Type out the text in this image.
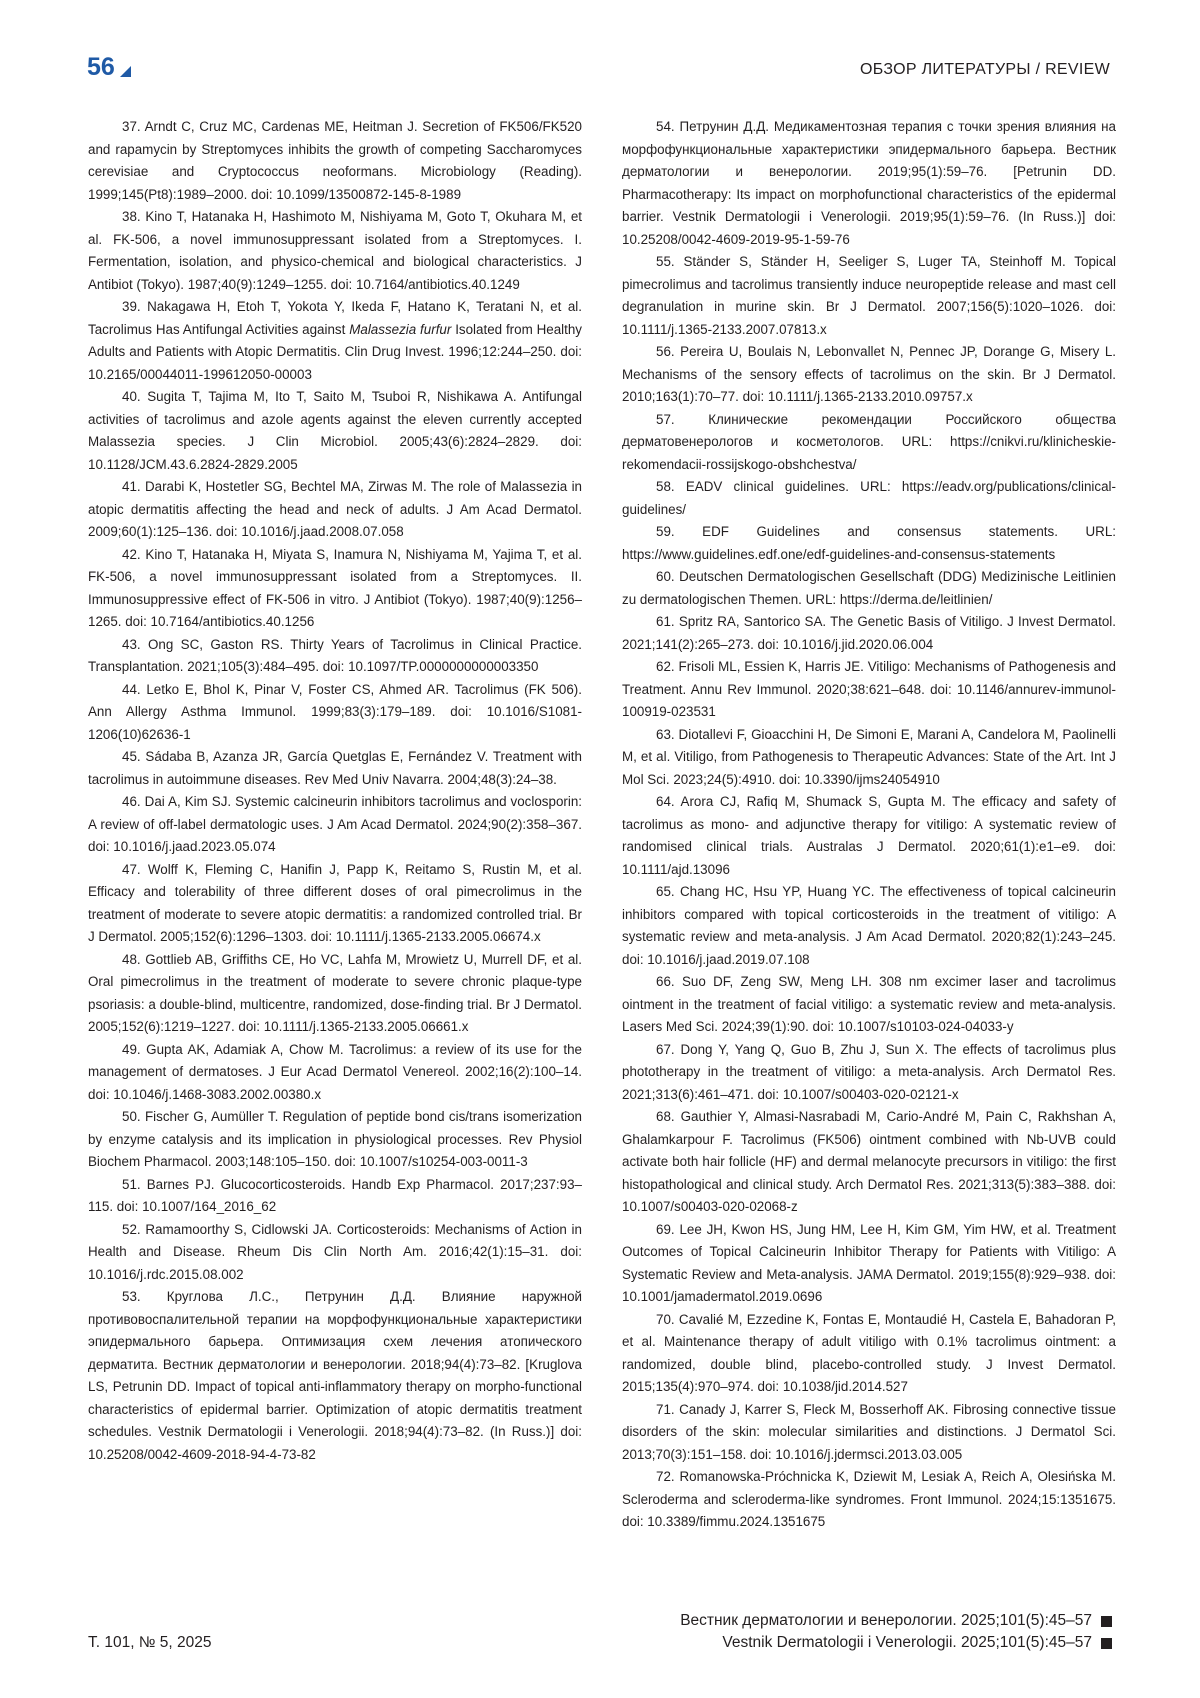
56	ОБЗОР ЛИТЕРАТУРЫ / REVIEW

37. Arndt C, Cruz MC, Cardenas ME, Heitman J. Secretion of FK506/FK520 and rapamycin by Streptomyces inhibits the growth of competing Saccharomyces cerevisiae and Cryptococcus neoformans. Microbiology (Reading). 1999;145(Pt8):1989–2000. doi: 10.1099/13500872-145-8-1989

38. Kino T, Hatanaka H, Hashimoto M, Nishiyama M, Goto T, Okuhara M, et al. FK-506, a novel immunosuppressant isolated from a Streptomyces. I. Fermentation, isolation, and physico-chemical and biological characteristics. J Antibiot (Tokyo). 1987;40(9):1249–1255. doi: 10.7164/antibiotics.40.1249

39. Nakagawa H, Etoh T, Yokota Y, Ikeda F, Hatano K, Teratani N, et al. Tacrolimus Has Antifungal Activities against Malassezia furfur Isolated from Healthy Adults and Patients with Atopic Dermatitis. Clin Drug Invest. 1996;12:244–250. doi: 10.2165/00044011-199612050-00003

40. Sugita T, Tajima M, Ito T, Saito M, Tsuboi R, Nishikawa A. Antifungal activities of tacrolimus and azole agents against the eleven currently accepted Malassezia species. J Clin Microbiol. 2005;43(6):2824–2829. doi: 10.1128/JCM.43.6.2824-2829.2005

41. Darabi K, Hostetler SG, Bechtel MA, Zirwas M. The role of Malassezia in atopic dermatitis affecting the head and neck of adults. J Am Acad Dermatol. 2009;60(1):125–136. doi: 10.1016/j.jaad.2008.07.058

42. Kino T, Hatanaka H, Miyata S, Inamura N, Nishiyama M, Yajima T, et al. FK-506, a novel immunosuppressant isolated from a Streptomyces. II. Immunosuppressive effect of FK-506 in vitro. J Antibiot (Tokyo). 1987;40(9):1256–1265. doi: 10.7164/antibiotics.40.1256

43. Ong SC, Gaston RS. Thirty Years of Tacrolimus in Clinical Practice. Transplantation. 2021;105(3):484–495. doi: 10.1097/TP.0000000000003350

44. Letko E, Bhol K, Pinar V, Foster CS, Ahmed AR. Tacrolimus (FK 506). Ann Allergy Asthma Immunol. 1999;83(3):179–189. doi: 10.1016/S1081-1206(10)62636-1

45. Sádaba B, Azanza JR, García Quetglas E, Fernández V. Treatment with tacrolimus in autoimmune diseases. Rev Med Univ Navarra. 2004;48(3):24–38.

46. Dai A, Kim SJ. Systemic calcineurin inhibitors tacrolimus and voclosporin: A review of off-label dermatologic uses. J Am Acad Dermatol. 2024;90(2):358–367. doi: 10.1016/j.jaad.2023.05.074

47. Wolff K, Fleming C, Hanifin J, Papp K, Reitamo S, Rustin M, et al. Efficacy and tolerability of three different doses of oral pimecrolimus in the treatment of moderate to severe atopic dermatitis: a randomized controlled trial. Br J Dermatol. 2005;152(6):1296–1303. doi: 10.1111/j.1365-2133.2005.06674.x

48. Gottlieb AB, Griffiths CE, Ho VC, Lahfa M, Mrowietz U, Murrell DF, et al. Oral pimecrolimus in the treatment of moderate to severe chronic plaque-type psoriasis: a double-blind, multicentre, randomized, dose-finding trial. Br J Dermatol. 2005;152(6):1219–1227. doi: 10.1111/j.1365-2133.2005.06661.x

49. Gupta AK, Adamiak A, Chow M. Tacrolimus: a review of its use for the management of dermatoses. J Eur Acad Dermatol Venereol. 2002;16(2):100–14. doi: 10.1046/j.1468-3083.2002.00380.x

50. Fischer G, Aumüller T. Regulation of peptide bond cis/trans isomerization by enzyme catalysis and its implication in physiological processes. Rev Physiol Biochem Pharmacol. 2003;148:105–150. doi: 10.1007/s10254-003-0011-3

51. Barnes PJ. Glucocorticosteroids. Handb Exp Pharmacol. 2017;237:93–115. doi: 10.1007/164_2016_62

52. Ramamoorthy S, Cidlowski JA. Corticosteroids: Mechanisms of Action in Health and Disease. Rheum Dis Clin North Am. 2016;42(1):15–31. doi: 10.1016/j.rdc.2015.08.002

53. Круглова Л.С., Петрунин Д.Д. Влияние наружной противовоспалительной терапии на морфофункциональные характеристики эпидермального барьера. Оптимизация схем лечения атопического дерматита. Вестник дерматологии и венерологии. 2018;94(4):73–82. [Kruglova LS, Petrunin DD. Impact of topical anti-inflammatory therapy on morpho-functional characteristics of epidermal barrier. Optimization of atopic dermatitis treatment schedules. Vestnik Dermatologii i Venerologii. 2018;94(4):73–82. (In Russ.)] doi: 10.25208/0042-4609-2018-94-4-73-82

54. Петрунин Д.Д. Медикаментозная терапия с точки зрения влияния на морфофункциональные характеристики эпидермального барьера. Вестник дерматологии и венерологии. 2019;95(1):59–76. [Petrunin DD. Pharmacotherapy: Its impact on morphofunctional characteristics of the epidermal barrier. Vestnik Dermatologii i Venerologii. 2019;95(1):59–76. (In Russ.)] doi: 10.25208/0042-4609-2019-95-1-59-76

55. Ständer S, Ständer H, Seeliger S, Luger TA, Steinhoff M. Topical pimecrolimus and tacrolimus transiently induce neuropeptide release and mast cell degranulation in murine skin. Br J Dermatol. 2007;156(5):1020–1026. doi: 10.1111/j.1365-2133.2007.07813.x

56. Pereira U, Boulais N, Lebonvallet N, Pennec JP, Dorange G, Misery L. Mechanisms of the sensory effects of tacrolimus on the skin. Br J Dermatol. 2010;163(1):70–77. doi: 10.1111/j.1365-2133.2010.09757.x

57.	Клинические рекомендации Российского общества дерматовенерологов и косметологов. URL: https://cnikvi.ru/klinicheskie-rekomendacii-rossijskogo-obshchestva/

58. EADV clinical guidelines. URL: https://eadv.org/publications/clinical-guidelines/

59. EDF Guidelines and consensus statements. URL: https://www.guidelines.edf.one/edf-guidelines-and-consensus-statements

60. Deutschen Dermatologischen Gesellschaft (DDG) Medizinische Leitlinien zu dermatologischen Themen. URL: https://derma.de/leitlinien/

61. Spritz RA, Santorico SA. The Genetic Basis of Vitiligo. J Invest Dermatol. 2021;141(2):265–273. doi: 10.1016/j.jid.2020.06.004

62. Frisoli ML, Essien K, Harris JE. Vitiligo: Mechanisms of Pathogenesis and Treatment. Annu Rev Immunol. 2020;38:621–648. doi: 10.1146/annurev-immunol-100919-023531

63. Diotallevi F, Gioacchini H, De Simoni E, Marani A, Candelora M, Paolinelli M, et al. Vitiligo, from Pathogenesis to Therapeutic Advances: State of the Art. Int J Mol Sci. 2023;24(5):4910. doi: 10.3390/ijms24054910

64. Arora CJ, Rafiq M, Shumack S, Gupta M. The efficacy and safety of tacrolimus as mono- and adjunctive therapy for vitiligo: A systematic review of randomised clinical trials. Australas J Dermatol. 2020;61(1):e1–e9. doi: 10.1111/ajd.13096

65. Chang HC, Hsu YP, Huang YC. The effectiveness of topical calcineurin inhibitors compared with topical corticosteroids in the treatment of vitiligo: A systematic review and meta-analysis. J Am Acad Dermatol. 2020;82(1):243–245. doi: 10.1016/j.jaad.2019.07.108

66. Suo DF, Zeng SW, Meng LH. 308 nm excimer laser and tacrolimus ointment in the treatment of facial vitiligo: a systematic review and meta-analysis. Lasers Med Sci. 2024;39(1):90. doi: 10.1007/s10103-024-04033-y

67. Dong Y, Yang Q, Guo B, Zhu J, Sun X. The effects of tacrolimus plus phototherapy in the treatment of vitiligo: a meta-analysis. Arch Dermatol Res. 2021;313(6):461–471. doi: 10.1007/s00403-020-02121-x

68. Gauthier Y, Almasi-Nasrabadi M, Cario-André M, Pain C, Rakhshan A, Ghalamkarpour F. Tacrolimus (FK506) ointment combined with Nb-UVB could activate both hair follicle (HF) and dermal melanocyte precursors in vitiligo: the first histopathological and clinical study. Arch Dermatol Res. 2021;313(5):383–388. doi: 10.1007/s00403-020-02068-z

69. Lee JH, Kwon HS, Jung HM, Lee H, Kim GM, Yim HW, et al. Treatment Outcomes of Topical Calcineurin Inhibitor Therapy for Patients with Vitiligo: A Systematic Review and Meta-analysis. JAMA Dermatol. 2019;155(8):929–938. doi: 10.1001/jamadermatol.2019.0696

70. Cavalié M, Ezzedine K, Fontas E, Montaudié H, Castela E, Bahadoran P, et al. Maintenance therapy of adult vitiligo with 0.1% tacrolimus ointment: a randomized, double blind, placebo-controlled study. J Invest Dermatol. 2015;135(4):970–974. doi: 10.1038/jid.2014.527

71. Canady J, Karrer S, Fleck M, Bosserhoff AK. Fibrosing connective tissue disorders of the skin: molecular similarities and distinctions. J Dermatol Sci. 2013;70(3):151–158. doi: 10.1016/j.jdermsci.2013.03.005

72. Romanowska-Próchnicka K, Dziewit M, Lesiak A, Reich A, Olesińska M. Scleroderma and scleroderma-like syndromes. Front Immunol. 2024;15:1351675. doi: 10.3389/fimmu.2024.1351675

Вестник дерматологии и венерологии. 2025;101(5):45–57
Vestnik Dermatologii i Venerologii. 2025;101(5):45–57
Т. 101, № 5, 2025
